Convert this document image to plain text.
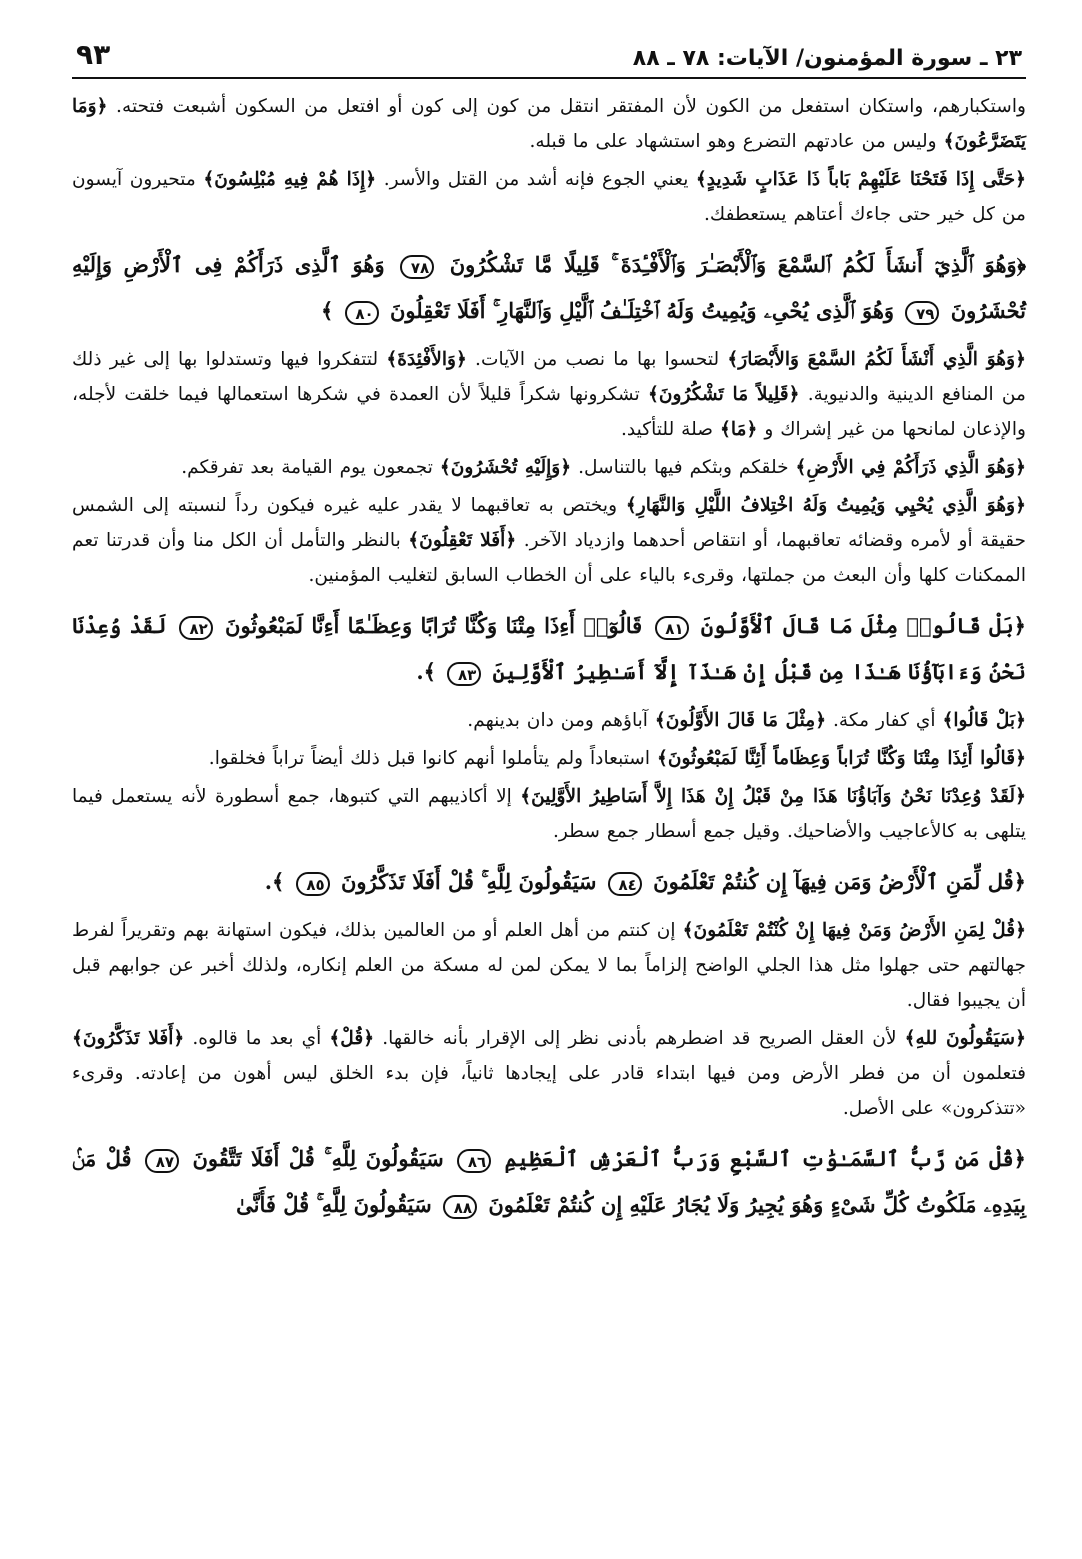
٢٣ ـ سورة المؤمنون/ الآيات: ٧٨ ـ ٨٨
٩٣

واستكبارهم، واستكان استفعل من الكون لأن المفتقر انتقل من كون إلى كون أو افتعل من السكون أشبعت فتحته. ﴿وَمَا يَتَضَرَّعُونَ﴾ وليس من عادتهم التضرع وهو استشهاد على ما قبله.

﴿حَتَّى إِذَا فَتَحْنَا عَلَيْهِمْ بَاباً ذَا عَذَابٍ شَدِيدٍ﴾ يعني الجوع فإنه أشد من القتل والأسر. ﴿إِذَا هُمْ فِيهِ مُبْلِسُونَ﴾ متحيرون آيسون من كل خير حتى جاءك أعتاهم يستعطفك.

﴿وَهُوَ ٱلَّذِيٓ أَنشَأَ لَكُمُ ٱلسَّمْعَ وَٱلْأَبْصَـٰرَ وَٱلْأَفْـِٔدَةَ ۚ قَلِيلًا مَّا تَشْكُرُونَ ٧٨ وَهُوَ ٱلَّذِى ذَرَأَكُمْ فِى ٱلْأَرْضِ وَإِلَيْهِ تُحْشَرُونَ ٧٩ وَهُوَ ٱلَّذِى يُحْىِۦ وَيُمِيتُ وَلَهُ ٱخْتِلَـٰفُ ٱلَّيْلِ وَٱلنَّهَارِ ۚ أَفَلَا تَعْقِلُونَ ٨٠ ﴾

﴿وَهُوَ الَّذِي أَنْشَأَ لَكُمُ السَّمْعَ وَالأَبْصَارَ﴾ لتحسوا بها ما نصب من الآيات. ﴿وَالأَفْئِدَةَ﴾ لتتفكروا فيها وتستدلوا بها إلى غير ذلك من المنافع الدينية والدنيوية. ﴿قَلِيلاً مَا تَشْكُرُونَ﴾ تشكرونها شكراً قليلاً لأن العمدة في شكرها استعمالها فيما خلقت لأجله، والإذعان لمانحها من غير إشراك و ﴿مَا﴾ صلة للتأكيد.

﴿وَهُوَ الَّذِي ذَرَأَكُمْ فِي الأَرْضِ﴾ خلقكم وبثكم فيها بالتناسل. ﴿وَإِلَيْهِ تُحْشَرُونَ﴾ تجمعون يوم القيامة بعد تفرقكم.

﴿وَهُوَ الَّذِي يُحْيِي وَيُمِيتُ وَلَهُ اخْتِلافُ اللَّيْلِ وَالنَّهَارِ﴾ ويختص به تعاقبهما لا يقدر عليه غيره فيكون رداً لنسبته إلى الشمس حقيقة أو لأمره وقضائه تعاقبهما، أو انتقاص أحدهما وازدياد الآخر. ﴿أَفَلا تَعْقِلُونَ﴾ بالنظر والتأمل أن الكل منا وأن قدرتنا تعم الممكنات كلها وأن البعث من جملتها، وقرىء بالياء على أن الخطاب السابق لتغليب المؤمنين.

﴿بَلْ قَالُوا۟ مِثْلَ مَا قَالَ ٱلْأَوَّلُونَ ٨١ قَالُوٓا۟ أَءِذَا مِتْنَا وَكُنَّا تُرَابًا وَعِظَـٰمًا أَءِنَّا لَمَبْعُوثُونَ ٨٢ لَقَدْ وُعِدْنَا نَحْنُ وَءَابَآؤُنَا هَـٰذَا مِن قَبْلُ إِنْ هَـٰذَآ إِلَّآ أَسَـٰطِيرُ ٱلْأَوَّلِينَ ٨٣ ﴾.

﴿بَلْ قَالُوا﴾ أي كفار مكة. ﴿مِثْلَ مَا قَالَ الأَوَّلُونَ﴾ آباؤهم ومن دان بدينهم.

﴿قَالُوا أَئِذَا مِتْنَا وَكُنَّا تُرَاباً وَعِظَاماً أَئِنَّا لَمَبْعُوثُونَ﴾ استبعاداً ولم يتأملوا أنهم كانوا قبل ذلك أيضاً تراباً فخلقوا.

﴿لَقَدْ وُعِدْنَا نَحْنُ وَآبَاؤُنَا هَذَا مِنْ قَبْلُ إِنْ هَذَا إِلاَّ أَسَاطِيرُ الأَوَّلِينَ﴾ إلا أكاذيبهم التي كتبوها، جمع أسطورة لأنه يستعمل فيما يتلهى به كالأعاجيب والأضاحيك. وقيل جمع أسطار جمع سطر.

﴿قُل لِّمَنِ ٱلْأَرْضُ وَمَن فِيهَآ إِن كُنتُمْ تَعْلَمُونَ ٨٤ سَيَقُولُونَ لِلَّهِ ۚ قُلْ أَفَلَا تَذَكَّرُونَ ٨٥ ﴾.

﴿قُلْ لِمَنِ الأَرْضُ وَمَنْ فِيهَا إِنْ كُنْتُمْ تَعْلَمُونَ﴾ إن كنتم من أهل العلم أو من العالمين بذلك، فيكون استهانة بهم وتقريراً لفرط جهالتهم حتى جهلوا مثل هذا الجلي الواضح إلزاماً بما لا يمكن لمن له مسكة من العلم إنكاره، ولذلك أخبر عن جوابهم قبل أن يجيبوا فقال.

﴿سَيَقُولُونَ للهِ﴾ لأن العقل الصريح قد اضطرهم بأدنى نظر إلى الإقرار بأنه خالقها. ﴿قُلْ﴾ أي بعد ما قالوه. ﴿أَفَلا تَذَكَّرُونَ﴾ فتعلمون أن من فطر الأرض ومن فيها ابتداء قادر على إيجادها ثانياً، فإن بدء الخلق ليس أهون من إعادته. وقرىء «تتذكرون» على الأصل.

﴿قُلْ مَن رَّبُّ ٱلسَّمَـٰوَٰتِ ٱلسَّبْعِ وَرَبُّ ٱلْعَرْشِ ٱلْعَظِيمِ ٨٦ سَيَقُولُونَ لِلَّهِ ۚ قُلْ أَفَلَا تَتَّقُونَ ٨٧ قُلْ مَنۢ بِيَدِهِۦ مَلَكُوتُ كُلِّ شَىْءٍ وَهُوَ يُجِيرُ وَلَا يُجَارُ عَلَيْهِ إِن كُنتُمْ تَعْلَمُونَ ٨٨ سَيَقُولُونَ لِلَّهِ ۚ قُلْ فَأَنَّىٰ
